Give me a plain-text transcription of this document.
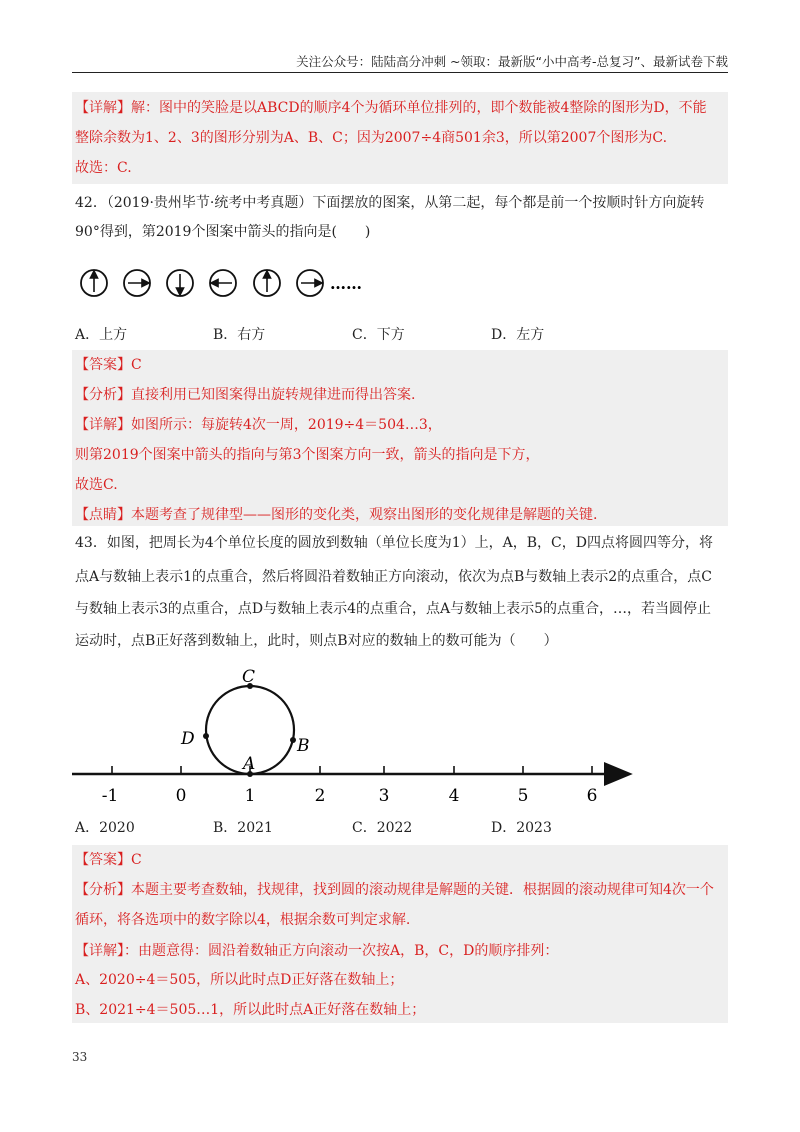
关注公众号：陆陆高分冲刺 ~领取：最新版“小中高考-总复习”、最新试卷下载
【详解】解：图中的笑脸是以ABCD的顺序4个为循环单位排列的，即个数能被4整除的图形为D，不能
整除余数为1、2、3的图形分别为A、B、C；因为2007÷4商501余3，所以第2007个图形为C.
故选：C.
42．（2019·贵州毕节·统考中考真题）下面摆放的图案，从第二起，每个都是前一个按顺时针方向旋转
90°得到，第2019个图案中箭头的指向是(　　)
……
A．上方	B．右方	C．下方	D．左方
【答案】C
【分析】直接利用已知图案得出旋转规律进而得出答案.
【详解】如图所示：每旋转4次一周，2019÷4＝504…3，
则第2019个图案中箭头的指向与第3个图案方向一致，箭头的指向是下方，
故选C.
【点睛】本题考查了规律型——图形的变化类，观察出图形的变化规律是解题的关键.
43．如图，把周长为4个单位长度的圆放到数轴（单位长度为1）上，A，B，C，D四点将圆四等分，将
点A与数轴上表示1的点重合，然后将圆沿着数轴正方向滚动，依次为点B与数轴上表示2的点重合，点C
与数轴上表示3的点重合，点D与数轴上表示4的点重合，点A与数轴上表示5的点重合，…，若当圆停止
运动时，点B正好落到数轴上，此时，则点B对应的数轴上的数可能为（　　）
-1	0	1	2	3	4	5	6
C
D	B
A
A．2020	B．2021	C．2022	D．2023
【答案】C
【分析】本题主要考查数轴，找规律，找到圆的滚动规律是解题的关键．根据圆的滚动规律可知4次一个
循环，将各选项中的数字除以4，根据余数可判定求解.
【详解】：由题意得：圆沿着数轴正方向滚动一次按A，B，C，D的顺序排列：
A、2020÷4＝505，所以此时点D正好落在数轴上；
B、2021÷4＝505…1，所以此时点A正好落在数轴上；
33
